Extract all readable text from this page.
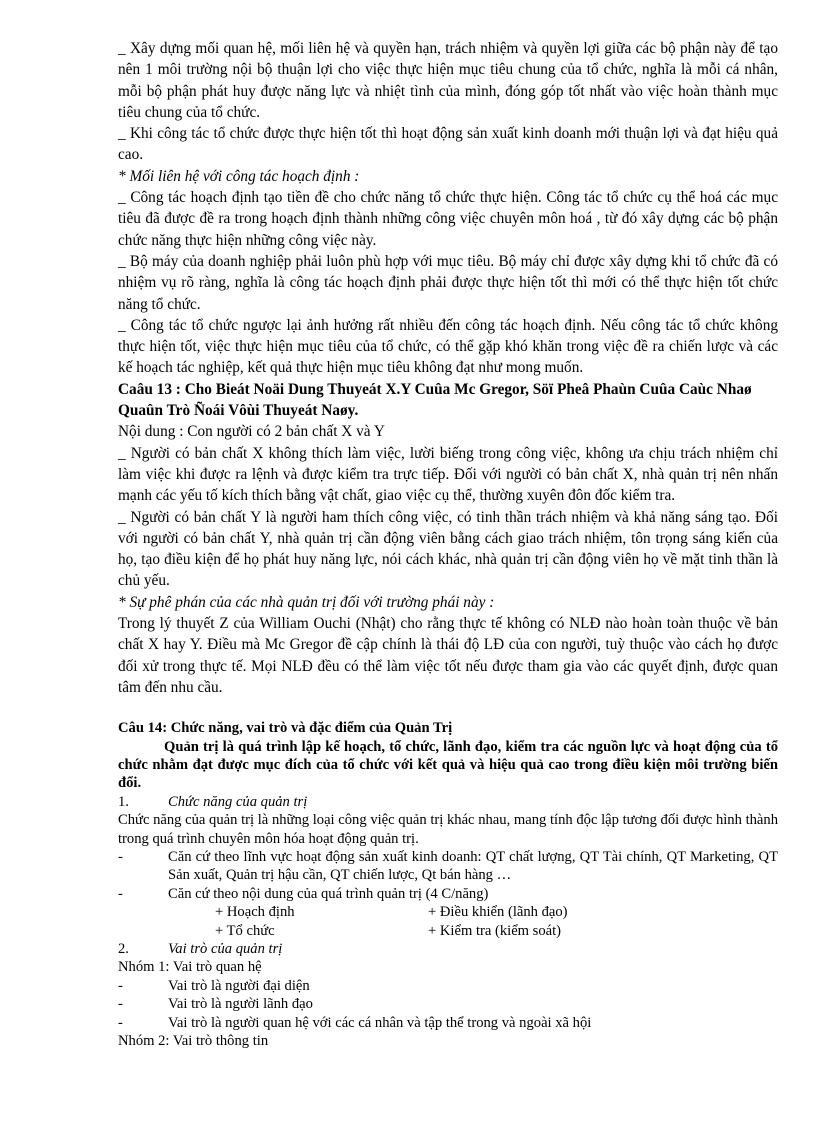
_ Xây dựng mối quan hệ, mối liên hệ và quyền hạn, trách nhiệm và quyền lợi giữa các bộ phận này để tạo nên 1 môi trường nội bộ thuận lợi cho việc thực hiện mục tiêu chung của tổ chức, nghĩa là mỗi cá nhân, mỗi bộ phận phát huy được năng lực và nhiệt tình của mình, đóng góp tốt nhất vào việc hoàn thành mục tiêu chung của tổ chức.

_ Khi công tác tổ chức được thực hiện tốt thì hoạt động sản xuất kinh doanh mới thuận lợi và đạt hiệu quả cao.

* Mối liên hệ với công tác hoạch định :

_ Công tác hoạch định tạo tiền đề cho chức năng tổ chức thực hiện. Công tác tổ chức cụ thể hoá các mục tiêu đã được đề ra trong hoạch định thành những công việc chuyên môn hoá , từ đó xây dựng các bộ phận chức năng thực hiện những công việc này.

_ Bộ máy của doanh nghiệp phải luôn phù hợp với mục tiêu. Bộ máy chỉ được xây dựng khi tổ chức đã có nhiệm vụ rõ ràng, nghĩa là công tác hoạch định phải được thực hiện tốt thì mới có thể thực hiện tốt chức năng tổ chức.

_ Công tác tổ chức ngược lại ảnh hưởng rất nhiều đến công tác hoạch định. Nếu công tác tổ chức không thực hiện tốt, việc thực hiện mục tiêu của tổ chức, có thể gặp khó khăn trong việc đề ra chiến lược và các kế hoạch tác nghiệp, kết quả thực hiện mục tiêu không đạt như mong muốn.

Caâu 13 : Cho Bieát Noäi Dung Thuyeát X.Y Cuûa Mc Gregor, Söï Pheâ Phaùn Cuûa Caùc Nhaø Quaûn Trò Ñoái Vôùi Thuyeát Naøy.

Nội dung : Con người có 2 bản chất X và Y

_ Người có bản chất X không thích làm việc, lười biếng trong công việc, không ưa chịu trách nhiệm chỉ làm việc khi được ra lệnh và được kiểm tra trực tiếp. Đối với người có bản chất X, nhà quản trị nên nhấn mạnh các yếu tố kích thích bằng vật chất, giao việc cụ thể, thường xuyên đôn đốc kiểm tra.

_ Người có bản chất Y là người ham thích công việc, có tinh thần trách nhiệm và khả năng sáng tạo. Đối với người có bản chất Y, nhà quản trị cần động viên bằng cách giao trách nhiệm, tôn trọng sáng kiến của họ, tạo điều kiện để họ phát huy năng lực, nói cách khác, nhà quản trị cần động viên họ về mặt tinh thần là chủ yếu.

* Sự phê phán của các nhà quản trị đối với trường phái này :

Trong lý thuyết Z của William Ouchi (Nhật) cho rằng thực tế không có NLĐ nào hoàn toàn thuộc về bản chất X hay Y. Điều mà Mc Gregor đề cập chính là thái độ LĐ của con người, tuỳ thuộc vào cách họ được đối xử trong thực tế. Mọi NLĐ đều có thể làm việc tốt nếu được tham gia vào các quyết định, được quan tâm đến nhu cầu.

Câu 14: Chức năng, vai trò và đặc điểm của Quản Trị

Quản trị là quá trình lập kế hoạch, tổ chức, lãnh đạo, kiểm tra các nguồn lực và hoạt động của tổ chức nhằm đạt được mục đích của tổ chức với kết quả và hiệu quả cao trong điều kiện môi trường biến đổi.

1.	Chức năng của quản trị

Chức năng của quản trị là những loại công việc quản trị khác nhau, mang tính độc lập tương đối được hình thành trong quá trình chuyên môn hóa hoạt động quản trị.

-	Căn cứ theo lĩnh vực hoạt động sản xuất kinh doanh: QT chất lượng, QT Tài chính, QT Marketing, QT Sản xuất, Quản trị hậu cần, QT chiến lược, Qt bán hàng …
-	Căn cứ theo nội dung của quá trình quản trị (4 C/năng)
+ Hoạch định	+ Điều khiển (lãnh đạo)
+ Tổ chức	+ Kiểm tra (kiểm soát)
2.	Vai trò của quản trị

Nhóm 1: Vai trò quan hệ

-	Vai trò là người đại diện
-	Vai trò là người lãnh đạo
-	Vai trò là người quan hệ với các cá nhân và tập thể trong và ngoài xã hội

Nhóm 2: Vai trò thông tin
